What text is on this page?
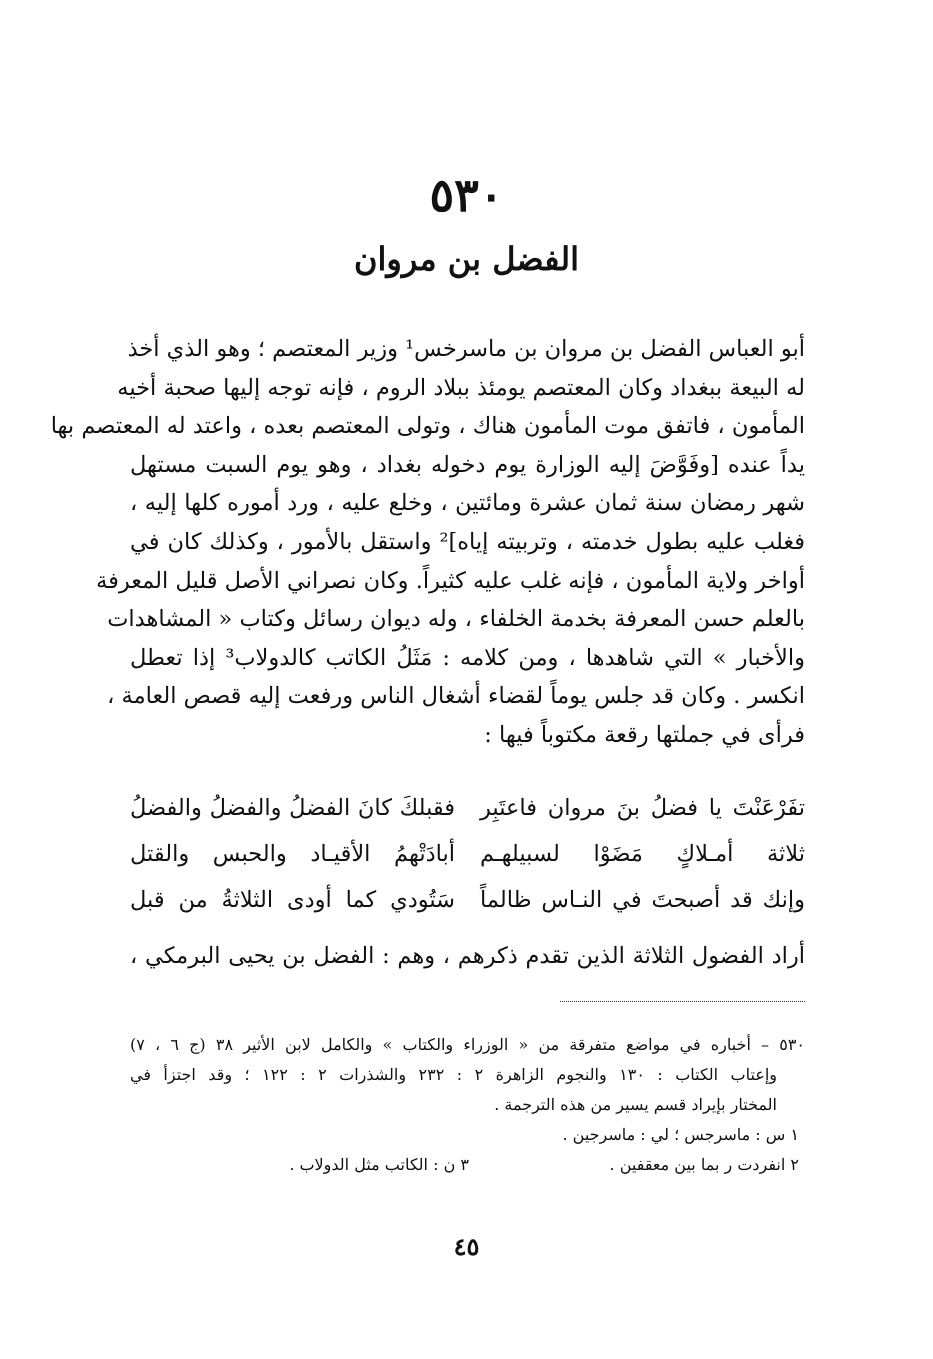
٥٣٠
الفضل بن مروان
أبو العباس الفضل بن مروان بن ماسرخس¹ وزير المعتصم ؛ وهو الذي أخذ
له البيعة ببغداد وكان المعتصم يومئذ ببلاد الروم ، فإنه توجه إليها صحبة أخيه
المأمون ، فاتفق موت المأمون هناك ، وتولى المعتصم بعده ، واعتد له المعتصم بها
يداً عنده [وفَوَّضَ إليه الوزارة يوم دخوله بغداد ، وهو يوم السبت مستهل
شهر رمضان سنة ثمان عشرة ومائتين ، وخلع عليه ، ورد أموره كلها إليه ،
فغلب عليه بطول خدمته ، وتربيته إياه]² واستقل بالأمور ، وكذلك كان في
أواخر ولاية المأمون ، فإنه غلب عليه كثيراً. وكان نصراني الأصل قليل المعرفة
بالعلم حسن المعرفة بخدمة الخلفاء ، وله ديوان رسائل وكتاب « المشاهدات
والأخبار » التي شاهدها ، ومن كلامه : مَثَلُ الكاتب كالدولاب³ إذا تعطل
انكسر . وكان قد جلس يوماً لقضاء أشغال الناس ورفعت إليه قصص العامة ،
فرأى في جملتها رقعة مكتوباً فيها :
تفَرْعَنْتَ يا فضلُ بنَ مروان فاعتَبِر
فقبلكَ كانَ الفضلُ والفضلُ والفضلُ
ثلاثة أمـلاكٍ مَضَوْا لسبيلهـم
أبادَتْهمُ الأقيـاد والحبس والقتل
وإنك قد أصبحتَ في النـاس ظالماً
سَتُودي كما أودى الثلاثةُ من قبل
أراد الفضول الثلاثة الذين تقدم ذكرهم ، وهم : الفضل بن يحيى البرمكي ،
٥٣٠ – أخباره في مواضع متفرقة من « الوزراء والكتاب » والكامل لابن الأثير ٣٨ (ج ٦ ، ٧)
وإعتاب الكتاب : ١٣٠ والنجوم الزاهرة ٢ : ٢٣٢ والشذرات ٢ : ١٢٢ ؛ وقد اجتزأ في
المختار بإيراد قسم يسير من هذه الترجمة .
١ س : ماسرجس ؛ لي : ماسرجين .
٢ انفردت ر بما بين معقفين .
٣ ن : الكاتب مثل الدولاب .
٤٥
